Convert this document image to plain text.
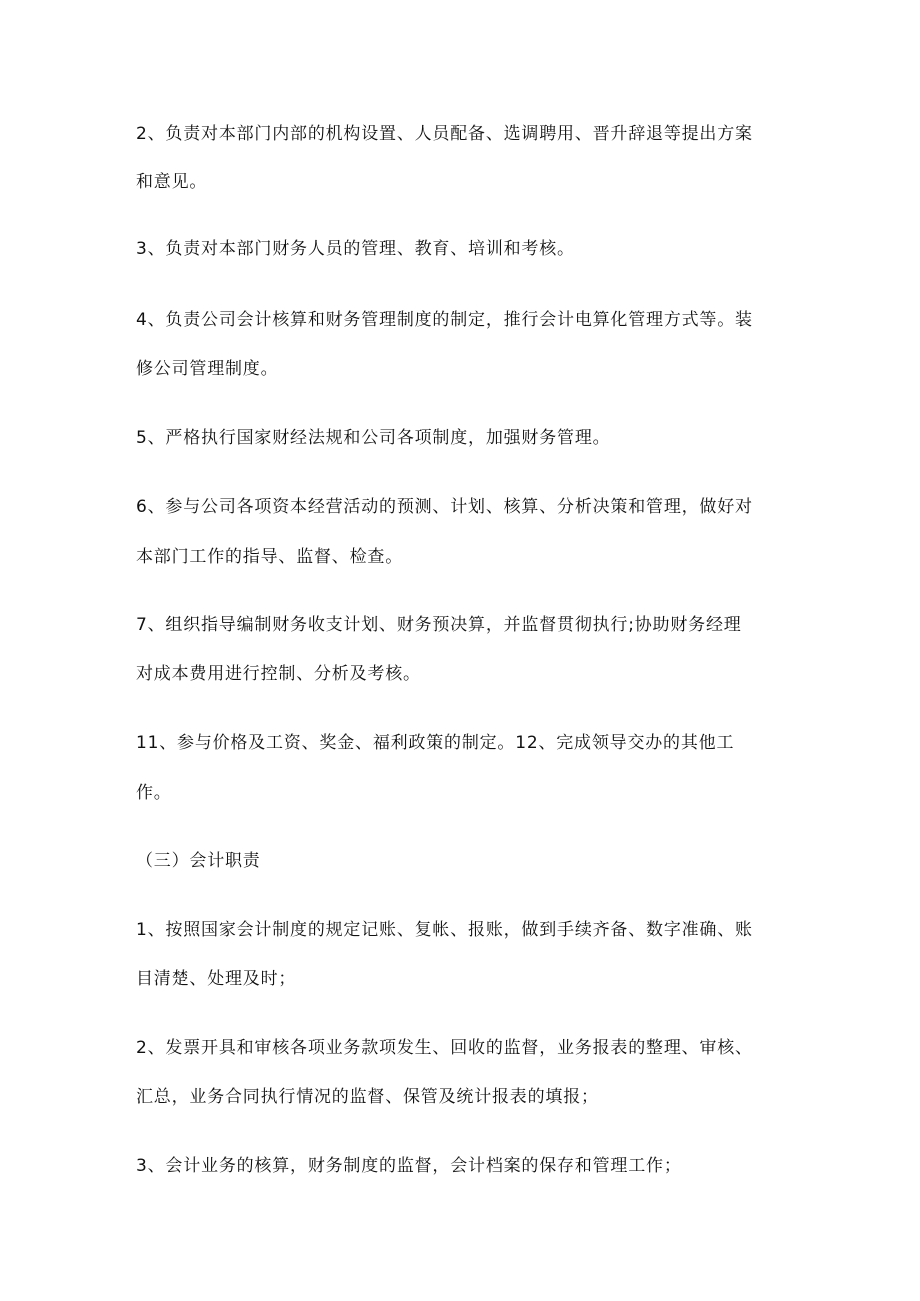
2、负责对本部门内部的机构设置、人员配备、选调聘用、晋升辞退等提出方案

和意见。

3、负责对本部门财务人员的管理、教育、培训和考核。

4、负责公司会计核算和财务管理制度的制定，推行会计电算化管理方式等。装

修公司管理制度。

5、严格执行国家财经法规和公司各项制度，加强财务管理。

6、参与公司各项资本经营活动的预测、计划、核算、分析决策和管理，做好对

本部门工作的指导、监督、检查。

7、组织指导编制财务收支计划、财务预决算，并监督贯彻执行;协助财务经理

对成本费用进行控制、分析及考核。

11、参与价格及工资、奖金、福利政策的制定。12、完成领导交办的其他工

作。

（三）会计职责

1、按照国家会计制度的规定记账、复帐、报账，做到手续齐备、数字准确、账

目清楚、处理及时；

2、发票开具和审核各项业务款项发生、回收的监督，业务报表的整理、审核、

汇总，业务合同执行情况的监督、保管及统计报表的填报；

3、会计业务的核算，财务制度的监督，会计档案的保存和管理工作；
